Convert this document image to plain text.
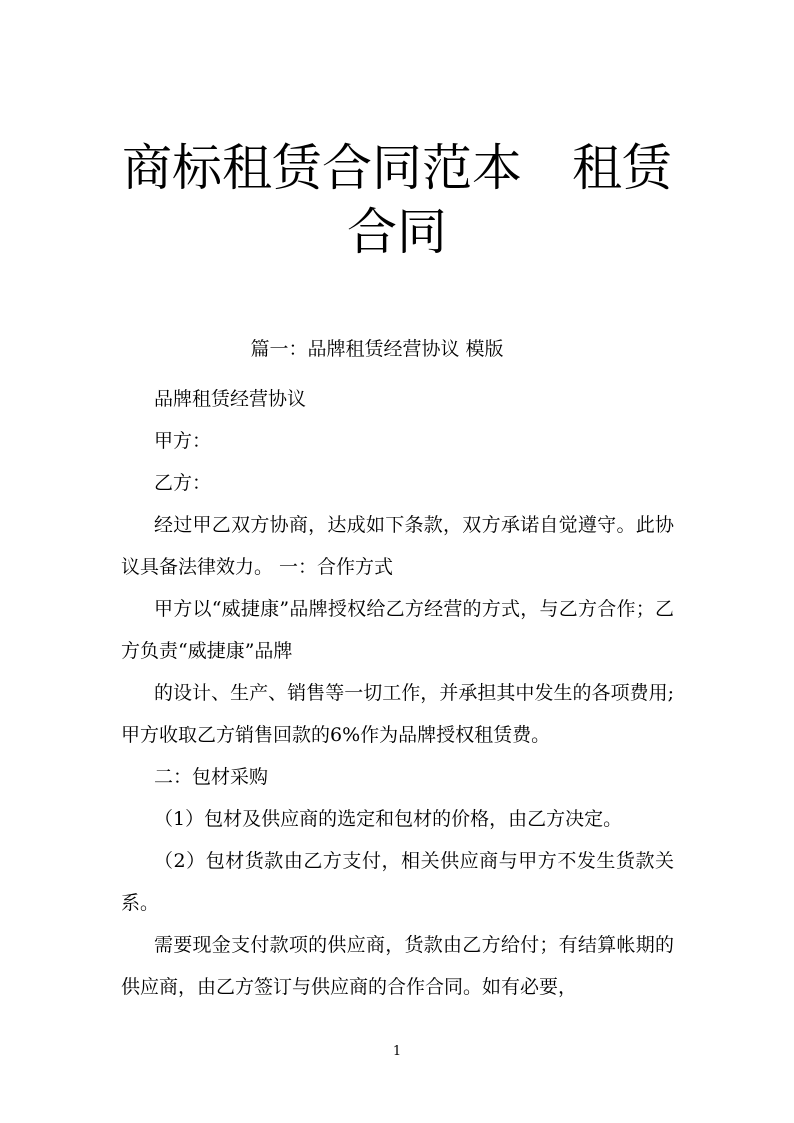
商标租赁合同范本　租赁
合同
篇一：品牌租赁经营协议 模版

品牌租赁经营协议

甲方：

乙方：

经过甲乙双方协商，达成如下条款，双方承诺自觉遵守。此协议具备法律效力。 一：合作方式

甲方以“威捷康”品牌授权给乙方经营的方式，与乙方合作；乙方负责“威捷康”品牌

的设计、生产、销售等一切工作，并承担其中发生的各项费用; 甲方收取乙方销售回款的6%作为品牌授权租赁费。

二：包材采购

（1）包材及供应商的选定和包材的价格，由乙方决定。

（2）包材货款由乙方支付，相关供应商与甲方不发生货款关系。

需要现金支付款项的供应商，货款由乙方给付；有结算帐期的供应商，由乙方签订与供应商的合作合同。如有必要，

1
